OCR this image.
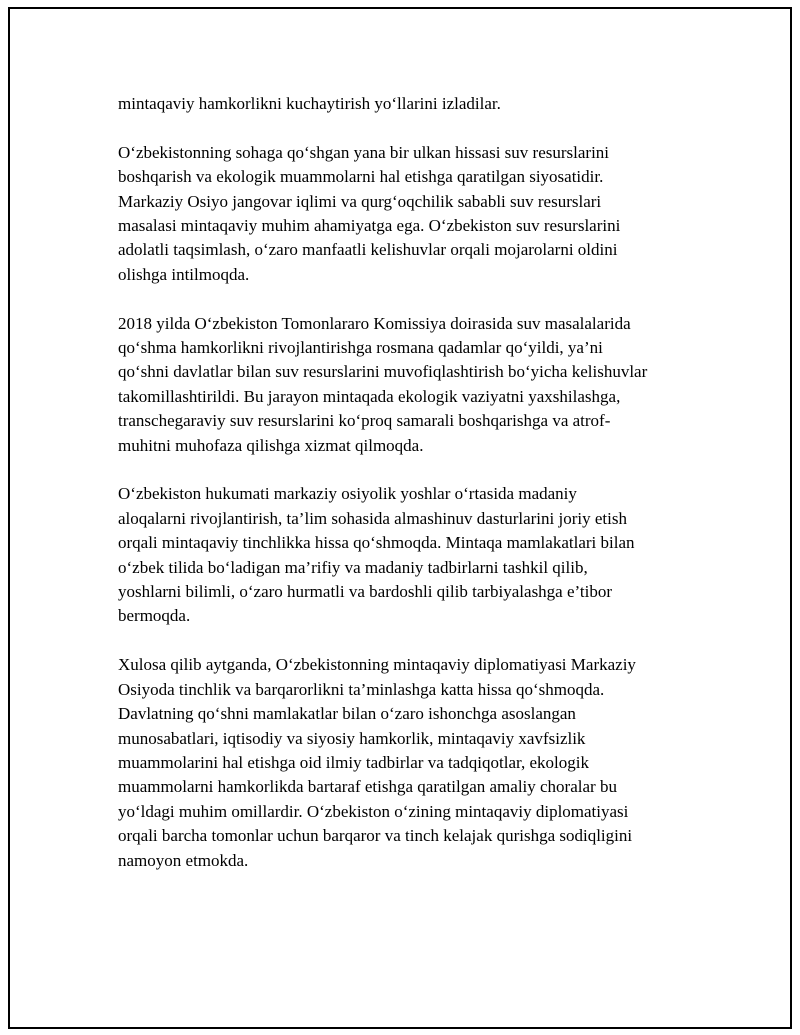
mintaqaviy hamkorlikni kuchaytirish yo‘llarini izladilar.

O‘zbekistonning sohaga qo‘shgan yana bir ulkan hissasi suv resurslarini
boshqarish va ekologik muammolarni hal etishga qaratilgan siyosatidir.
Markaziy Osiyo jangovar iqlimi va qurg‘oqchilik sababli suv resurslari
masalasi mintaqaviy muhim ahamiyatga ega. O‘zbekiston suv resurslarini
adolatli taqsimlash, o‘zaro manfaatli kelishuvlar orqali mojarolarni oldini
olishga intilmoqda.

2018 yilda O‘zbekiston Tomonlararo Komissiya doirasida suv masalalarida
qo‘shma hamkorlikni rivojlantirishga rosmana qadamlar qo‘yildi, ya’ni
qo‘shni davlatlar bilan suv resurslarini muvofiqlashtirish bo‘yicha kelishuvlar
takomillashtirildi. Bu jarayon mintaqada ekologik vaziyatni yaxshilashga,
transchegaraviy suv resurslarini ko‘proq samarali boshqarishga va atrof-
muhitni muhofaza qilishga xizmat qilmoqda.

O‘zbekiston hukumati markaziy osiyolik yoshlar o‘rtasida madaniy
aloqalarni rivojlantirish, ta’lim sohasida almashinuv dasturlarini joriy etish
orqali mintaqaviy tinchlikka hissa qo‘shmoqda. Mintaqa mamlakatlari bilan
o‘zbek tilida bo‘ladigan ma’rifiy va madaniy tadbirlarni tashkil qilib,
yoshlarni bilimli, o‘zaro hurmatli va bardoshli qilib tarbiyalashga e’tibor
bermoqda.

Xulosa qilib aytganda, O‘zbekistonning mintaqaviy diplomatiyasi Markaziy
Osiyoda tinchlik va barqarorlikni ta’minlashga katta hissa qo‘shmoqda.
Davlatning qo‘shni mamlakatlar bilan o‘zaro ishonchga asoslangan
munosabatlari, iqtisodiy va siyosiy hamkorlik, mintaqaviy xavfsizlik
muammolarini hal etishga oid ilmiy tadbirlar va tadqiqotlar, ekologik
muammolarni hamkorlikda bartaraf etishga qaratilgan amaliy choralar bu
yo‘ldagi muhim omillardir. O‘zbekiston o‘zining mintaqaviy diplomatiyasi
orqali barcha tomonlar uchun barqaror va tinch kelajak qurishga sodiqligini
namoyon etmokda.
